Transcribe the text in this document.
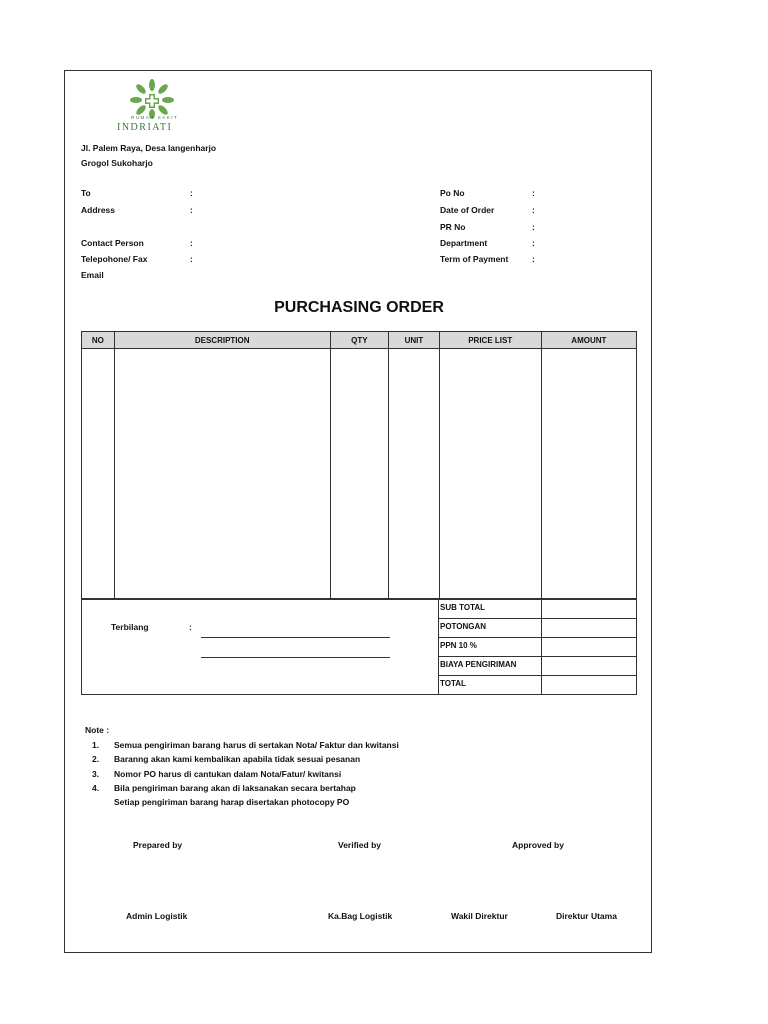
RUMAH SAKIT
INDRIATI
Jl. Palem Raya, Desa langenharjo
Grogol Sukoharjo
To	:
Address	:
Contact Person	:
Telepohone/ Fax	:
Email
Po No	:
Date of Order	:
PR No	:
Department	:
Term of Payment	:
PURCHASING ORDER
NO	DESCRIPTION	QTY	UNIT	PRICE LIST	AMOUNT

SUB TOTAL
POTONGAN
PPN 10 %
BIAYA PENGIRIMAN
TOTAL
Terbilang	:
Note :
1. Semua pengiriman barang harus di sertakan Nota/ Faktur dan kwitansi
2. Baranng akan kami kembalikan apabila tidak sesuai pesanan
3. Nomor PO harus di cantukan dalam Nota/Fatur/ kwitansi
4. Bila pengiriman barang akan di laksanakan secara bertahap
Setiap pengiriman barang harap disertakan photocopy PO
Prepared by	Verified by	Approved by
Admin Logistik	Ka.Bag Logistik	Wakil Direktur	Direktur Utama
